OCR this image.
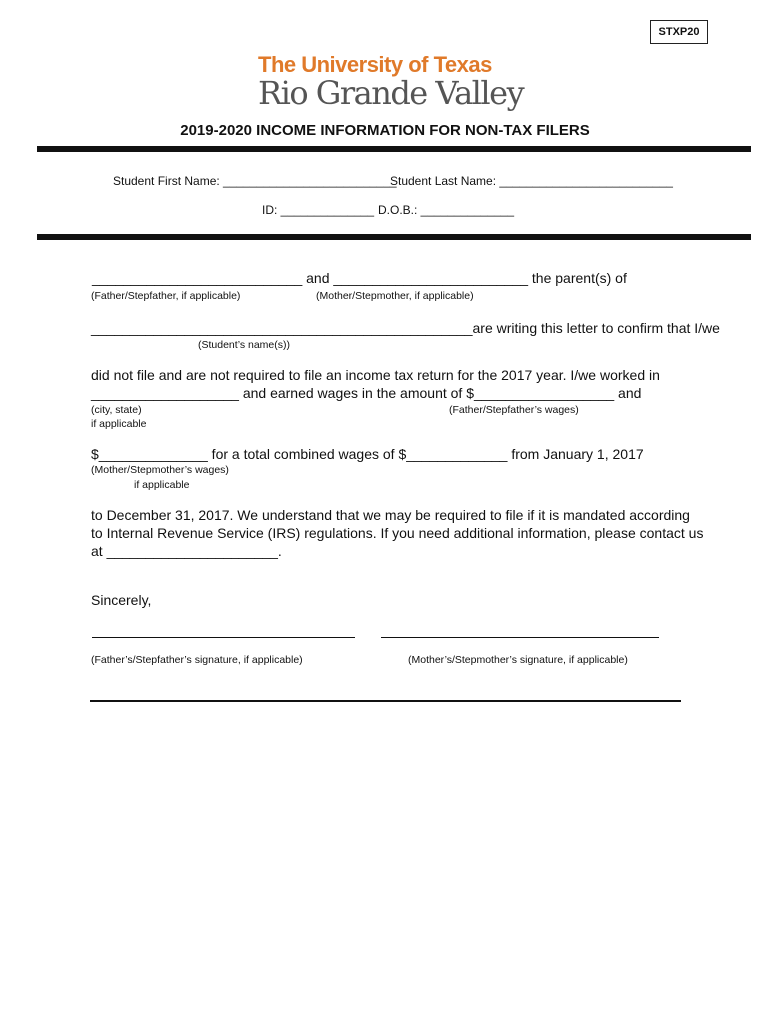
STXP20
The University of Texas
Rio Grande Valley
2019-2020 INCOME INFORMATION FOR NON-TAX FILERS
Student First Name: __________________________
Student Last Name: __________________________
ID: ______________ D.O.B.: ______________
___________________________ and _________________________ the parent(s) of
(Father/Stepfather, if applicable)	(Mother/Stepmother, if applicable)
_________________________________________________are writing this letter to confirm that I/we
(Student’s name(s))
did not file and are not required to file an income tax return for the 2017 year. I/we worked in
___________________ and earned wages in the amount of $__________________ and
(city, state)
if applicable
(Father/Stepfather’s wages)
$______________ for a total combined wages of $_____________ from January 1, 2017
(Mother/Stepmother’s wages)
if applicable
to December 31, 2017. We understand that we may be required to file if it is mandated according
to Internal Revenue Service (IRS) regulations. If you need additional information, please contact us
at ______________________.
Sincerely,
(Father’s/Stepfather’s signature, if applicable)	(Mother’s/Stepmother’s signature, if applicable)
